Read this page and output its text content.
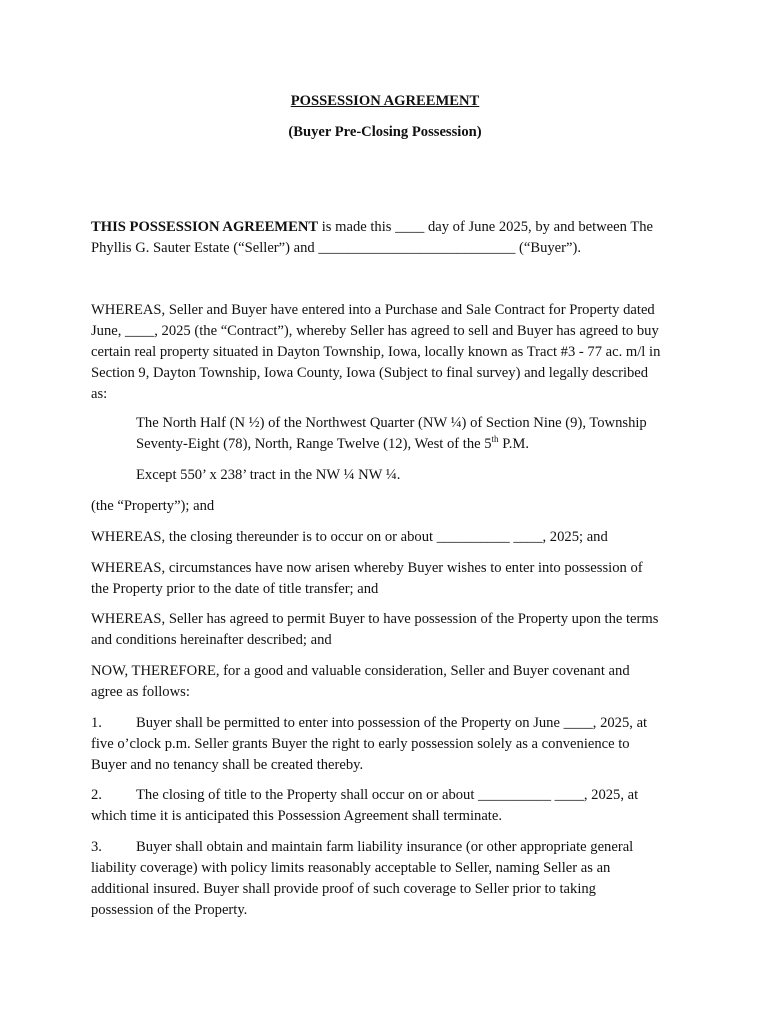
POSSESSION AGREEMENT
(Buyer Pre-Closing Possession)

THIS POSSESSION AGREEMENT is made this ____ day of June 2025, by and between The
Phyllis G. Sauter Estate (“Seller”) and ___________________________ (“Buyer”).

WHEREAS, Seller and Buyer have entered into a Purchase and Sale Contract for Property dated
June, ____, 2025 (the “Contract”), whereby Seller has agreed to sell and Buyer has agreed to buy
certain real property situated in Dayton Township, Iowa, locally known as Tract #3 - 77 ac. m/l in
Section 9, Dayton Township, Iowa County, Iowa (Subject to final survey) and legally described
as:

The North Half (N ½) of the Northwest Quarter (NW ¼) of Section Nine (9), Township
Seventy-Eight (78), North, Range Twelve (12), West of the 5th P.M.

Except 550’ x 238’ tract in the NW ¼ NW ¼.

(the “Property”); and

WHEREAS, the closing thereunder is to occur on or about __________ ____, 2025; and

WHEREAS, circumstances have now arisen whereby Buyer wishes to enter into possession of
the Property prior to the date of title transfer; and

WHEREAS, Seller has agreed to permit Buyer to have possession of the Property upon the terms
and conditions hereinafter described; and

NOW, THEREFORE, for a good and valuable consideration, Seller and Buyer covenant and
agree as follows:

1. Buyer shall be permitted to enter into possession of the Property on June ____, 2025, at
five o’clock p.m. Seller grants Buyer the right to early possession solely as a convenience to
Buyer and no tenancy shall be created thereby.

2. The closing of title to the Property shall occur on or about __________ ____, 2025, at
which time it is anticipated this Possession Agreement shall terminate.

3. Buyer shall obtain and maintain farm liability insurance (or other appropriate general
liability coverage) with policy limits reasonably acceptable to Seller, naming Seller as an
additional insured. Buyer shall provide proof of such coverage to Seller prior to taking
possession of the Property.
